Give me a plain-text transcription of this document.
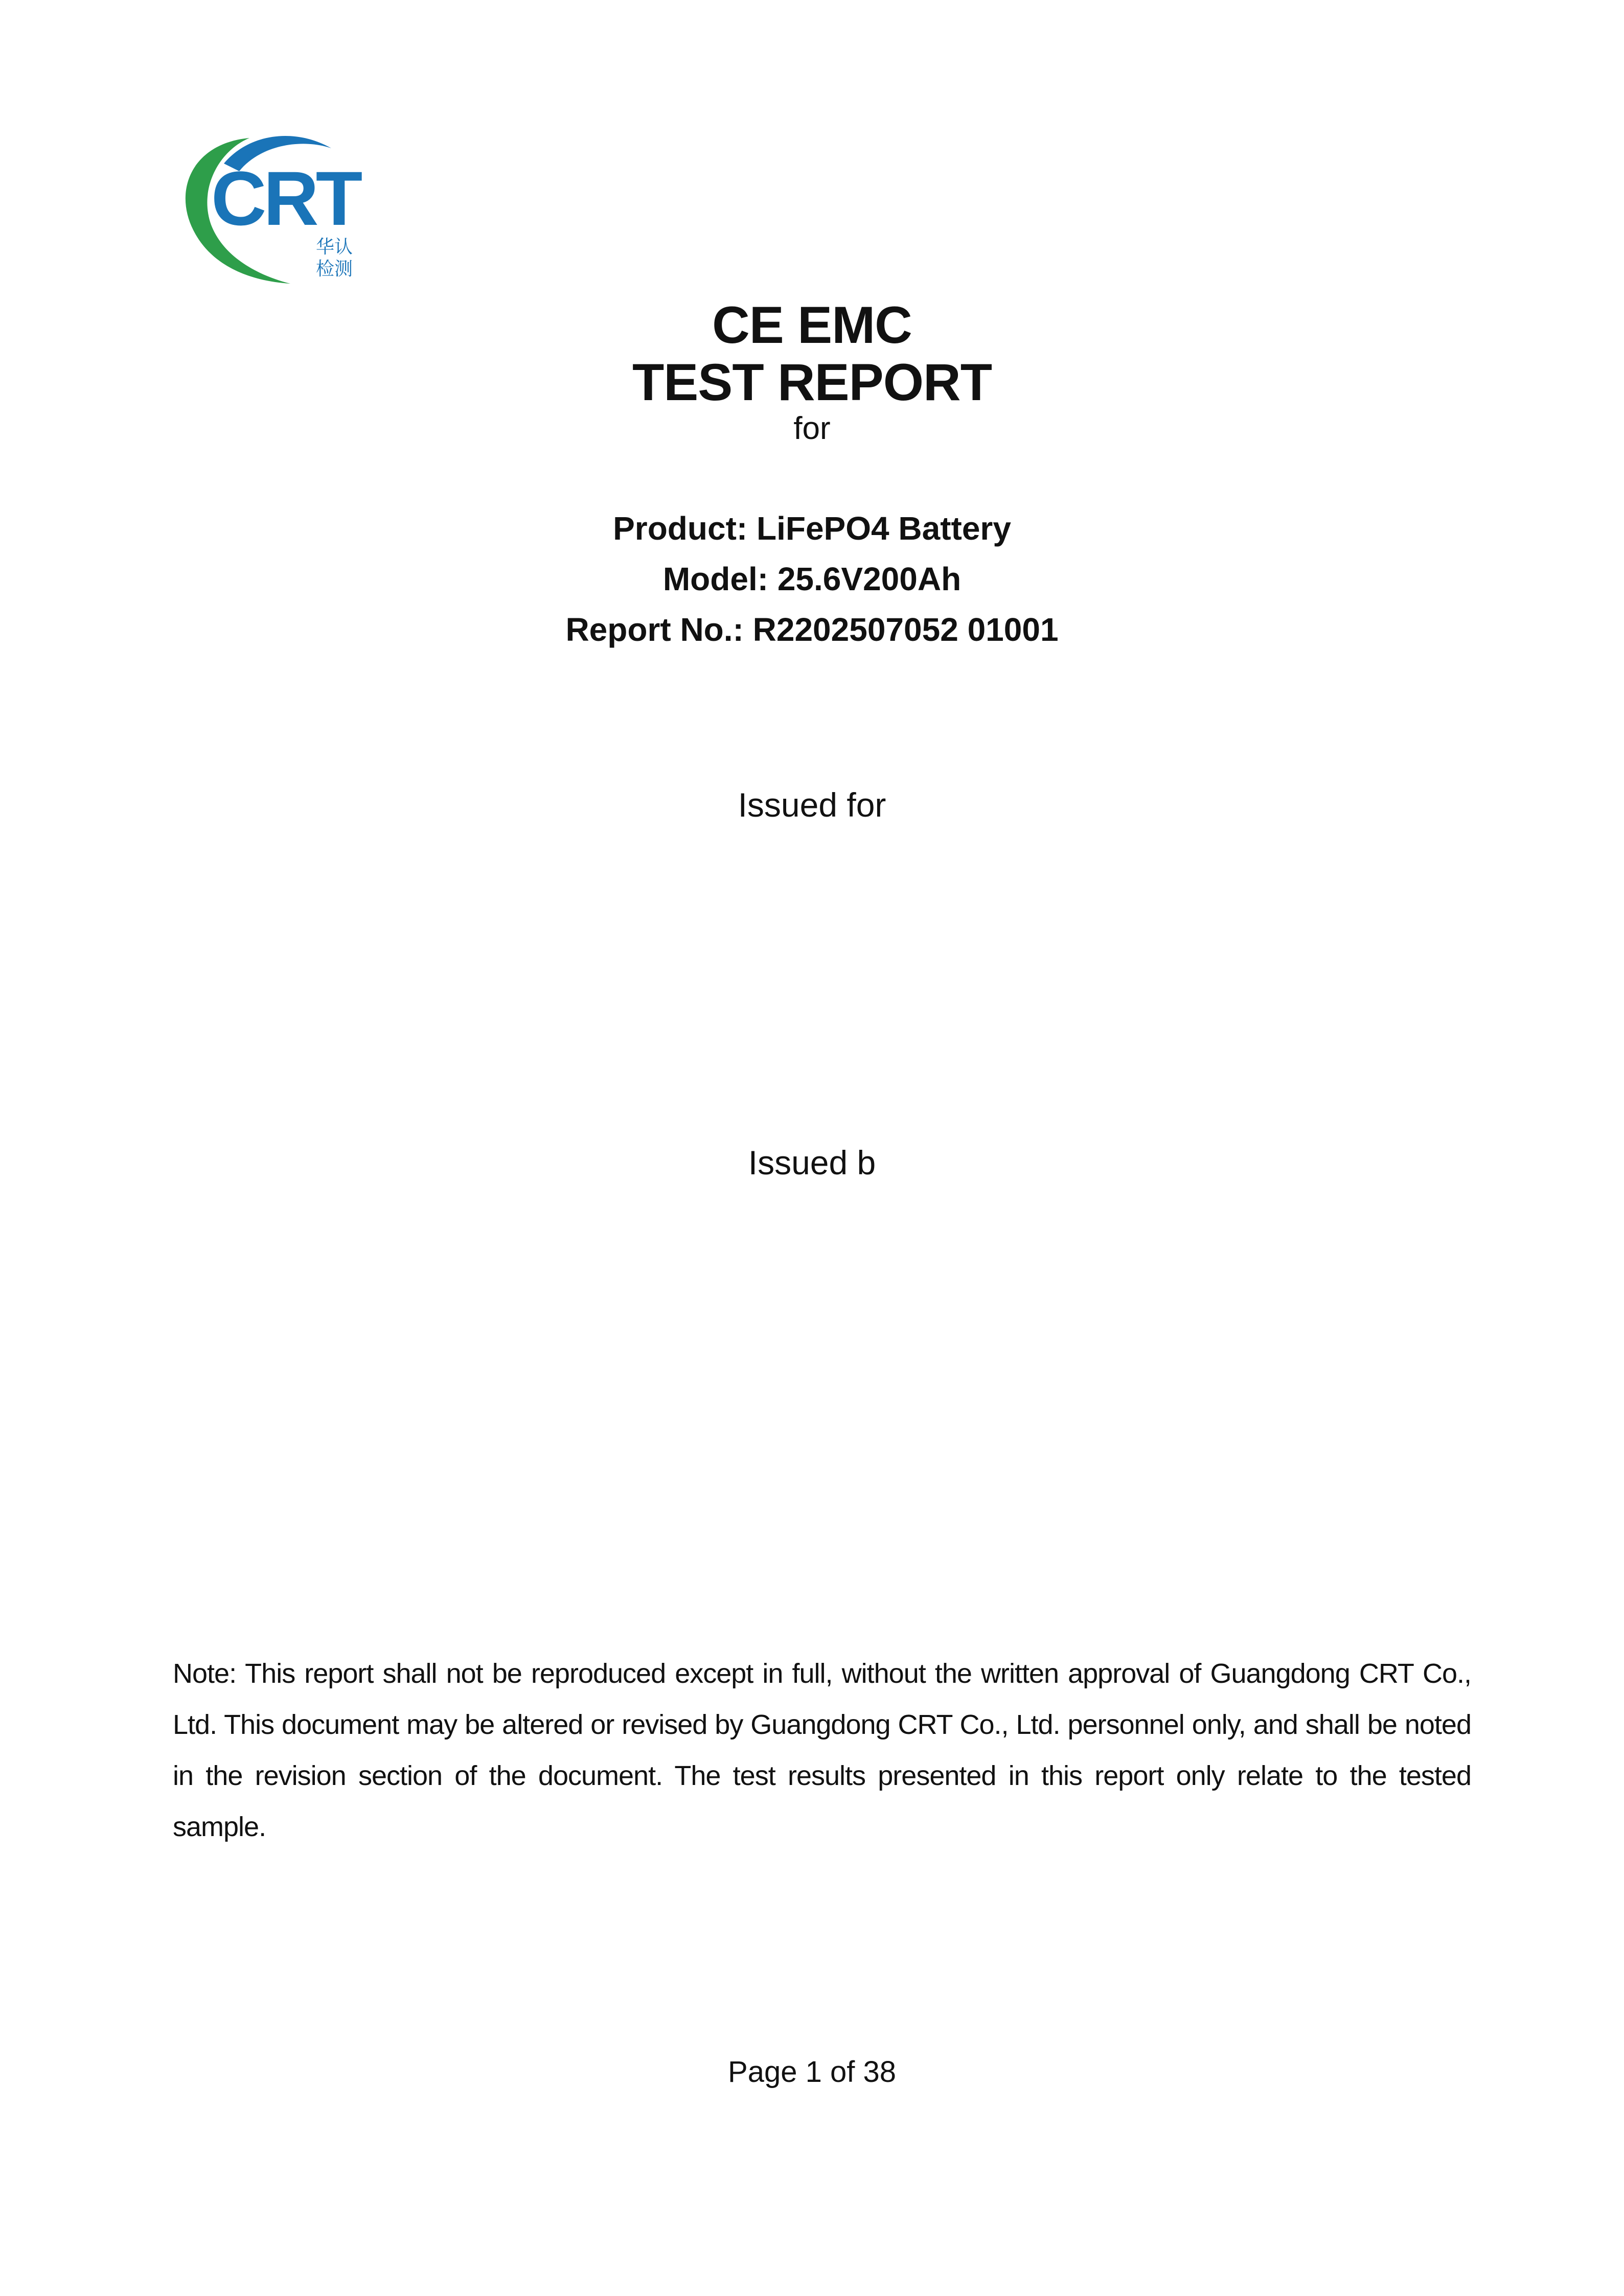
CRT
华认
检测
CE EMC
TEST REPORT
for
Product: LiFePO4 Battery
Model: 25.6V200Ah
Report No.: R2202507052 01001
Issued for
Issued b
Note: This report shall not be reproduced except in full, without the written approval of Guangdong CRT Co., Ltd. This document may be altered or revised by Guangdong CRT Co., Ltd. personnel only, and shall be noted in the revision section of the document. The test results presented in this report only relate to the tested sample.
Page 1 of 38
